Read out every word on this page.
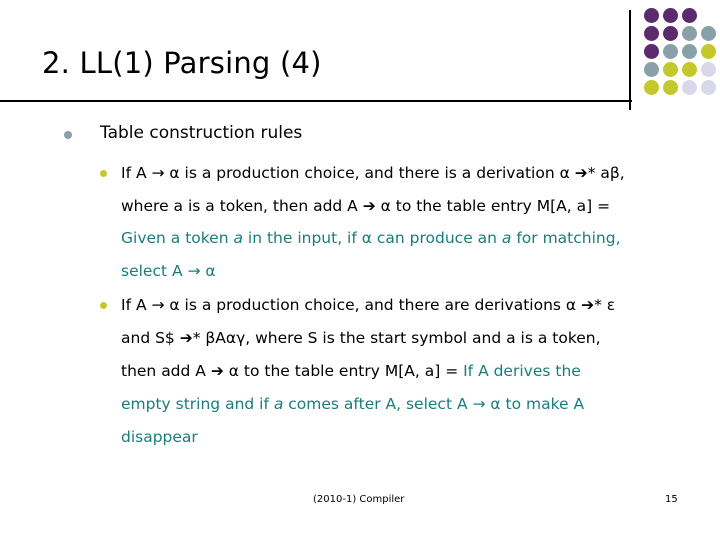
2. LL(1) Parsing (4)
Table construction rules
If A → α is a production choice, and there is a derivation α ➔* aβ,
where a is a token, then add A ➔ α to the table entry M[A, a] =
Given a token a in the input, if α can produce an a for matching,
select A → α
If A → α is a production choice, and there are derivations α ➔* ε
and S$ ➔* βAαγ, where S is the start symbol and a is a token,
then add A ➔ α to the table entry M[A, a] = If A derives the
empty string and if a comes after A, select A → α to make A
disappear
(2010-1) Compiler	15
